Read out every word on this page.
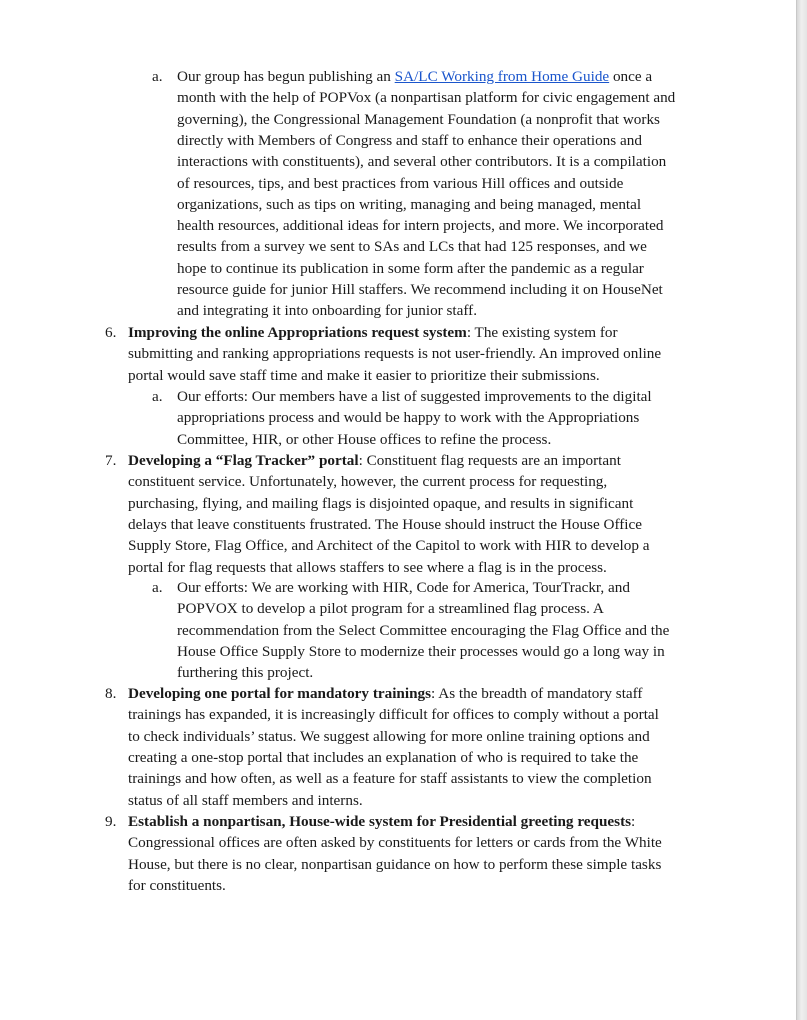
a. Our group has begun publishing an SA/LC Working from Home Guide once a
month with the help of POPVox (a nonpartisan platform for civic engagement and
governing), the Congressional Management Foundation (a nonprofit that works
directly with Members of Congress and staff to enhance their operations and
interactions with constituents), and several other contributors. It is a compilation
of resources, tips, and best practices from various Hill offices and outside
organizations, such as tips on writing, managing and being managed, mental
health resources, additional ideas for intern projects, and more. We incorporated
results from a survey we sent to SAs and LCs that had 125 responses, and we
hope to continue its publication in some form after the pandemic as a regular
resource guide for junior Hill staffers. We recommend including it on HouseNet
and integrating it into onboarding for junior staff.
6. Improving the online Appropriations request system: The existing system for
submitting and ranking appropriations requests is not user-friendly. An improved online
portal would save staff time and make it easier to prioritize their submissions.
a. Our efforts: Our members have a list of suggested improvements to the digital
appropriations process and would be happy to work with the Appropriations
Committee, HIR, or other House offices to refine the process.
7. Developing a “Flag Tracker” portal: Constituent flag requests are an important
constituent service. Unfortunately, however, the current process for requesting,
purchasing, flying, and mailing flags is disjointed opaque, and results in significant
delays that leave constituents frustrated. The House should instruct the House Office
Supply Store, Flag Office, and Architect of the Capitol to work with HIR to develop a
portal for flag requests that allows staffers to see where a flag is in the process.
a. Our efforts: We are working with HIR, Code for America, TourTrackr, and
POPVOX to develop a pilot program for a streamlined flag process. A
recommendation from the Select Committee encouraging the Flag Office and the
House Office Supply Store to modernize their processes would go a long way in
furthering this project.
8. Developing one portal for mandatory trainings: As the breadth of mandatory staff
trainings has expanded, it is increasingly difficult for offices to comply without a portal
to check individuals’ status. We suggest allowing for more online training options and
creating a one-stop portal that includes an explanation of who is required to take the
trainings and how often, as well as a feature for staff assistants to view the completion
status of all staff members and interns.
9. Establish a nonpartisan, House-wide system for Presidential greeting requests:
Congressional offices are often asked by constituents for letters or cards from the White
House, but there is no clear, nonpartisan guidance on how to perform these simple tasks
for constituents.
